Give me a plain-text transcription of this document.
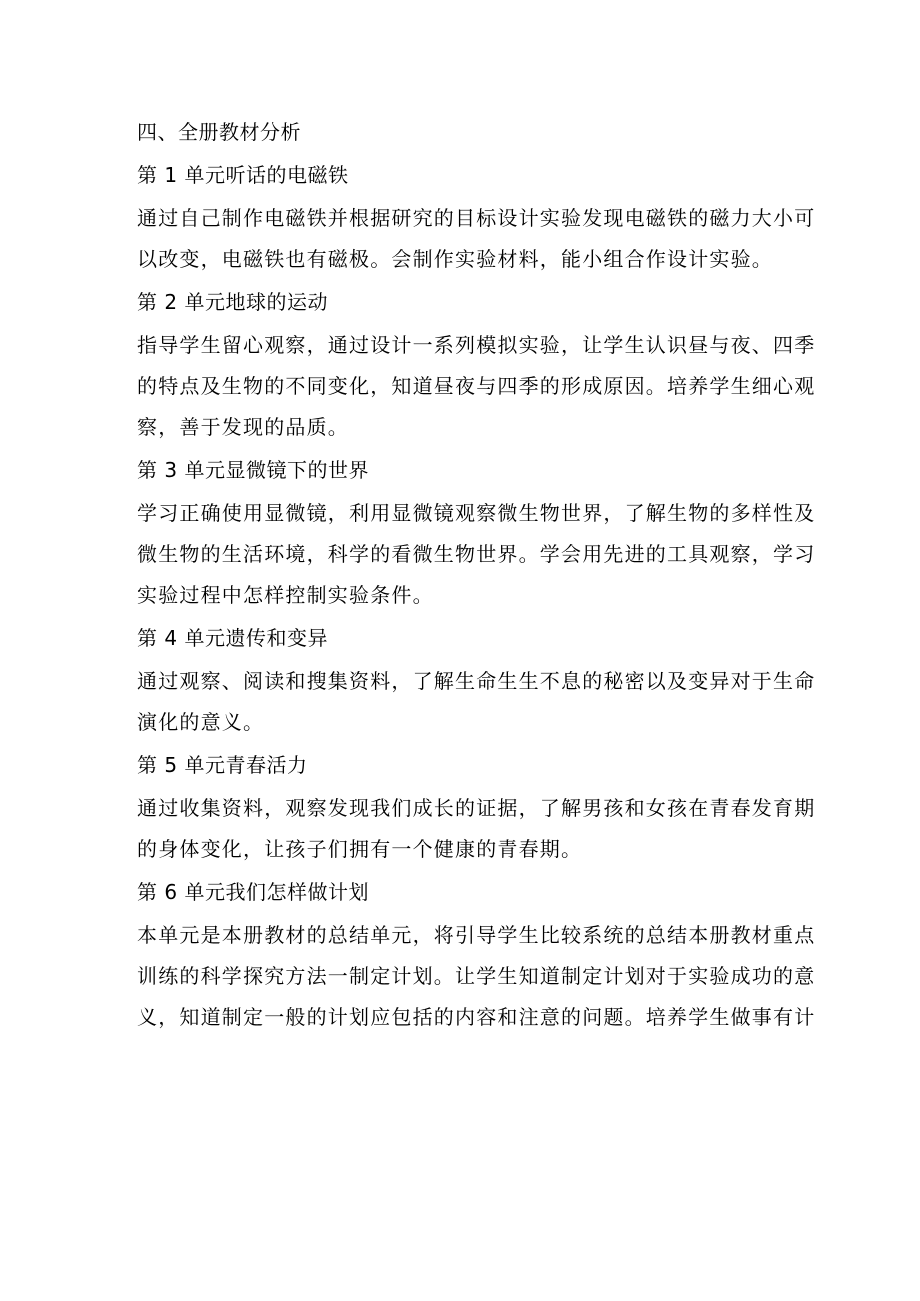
四、全册教材分析

第 1 单元听话的电磁铁

通过自己制作电磁铁并根据研究的目标设计实验发现电磁铁的磁力大小可

以改变，电磁铁也有磁极。会制作实验材料，能小组合作设计实验。

第 2 单元地球的运动

指导学生留心观察，通过设计一系列模拟实验，让学生认识昼与夜、四季

的特点及生物的不同变化，知道昼夜与四季的形成原因。培养学生细心观

察，善于发现的品质。

第 3 单元显微镜下的世界

学习正确使用显微镜，利用显微镜观察微生物世界，了解生物的多样性及

微生物的生活环境，科学的看微生物世界。学会用先进的工具观察，学习

实验过程中怎样控制实验条件。

第 4 单元遗传和变异

通过观察、阅读和搜集资料，了解生命生生不息的秘密以及变异对于生命

演化的意义。

第 5 单元青春活力

通过收集资料，观察发现我们成长的证据，了解男孩和女孩在青春发育期

的身体变化，让孩子们拥有一个健康的青春期。

第 6 单元我们怎样做计划

本单元是本册教材的总结单元，将引导学生比较系统的总结本册教材重点

训练的科学探究方法一制定计划。让学生知道制定计划对于实验成功的意

义，知道制定一般的计划应包括的内容和注意的问题。培养学生做事有计
